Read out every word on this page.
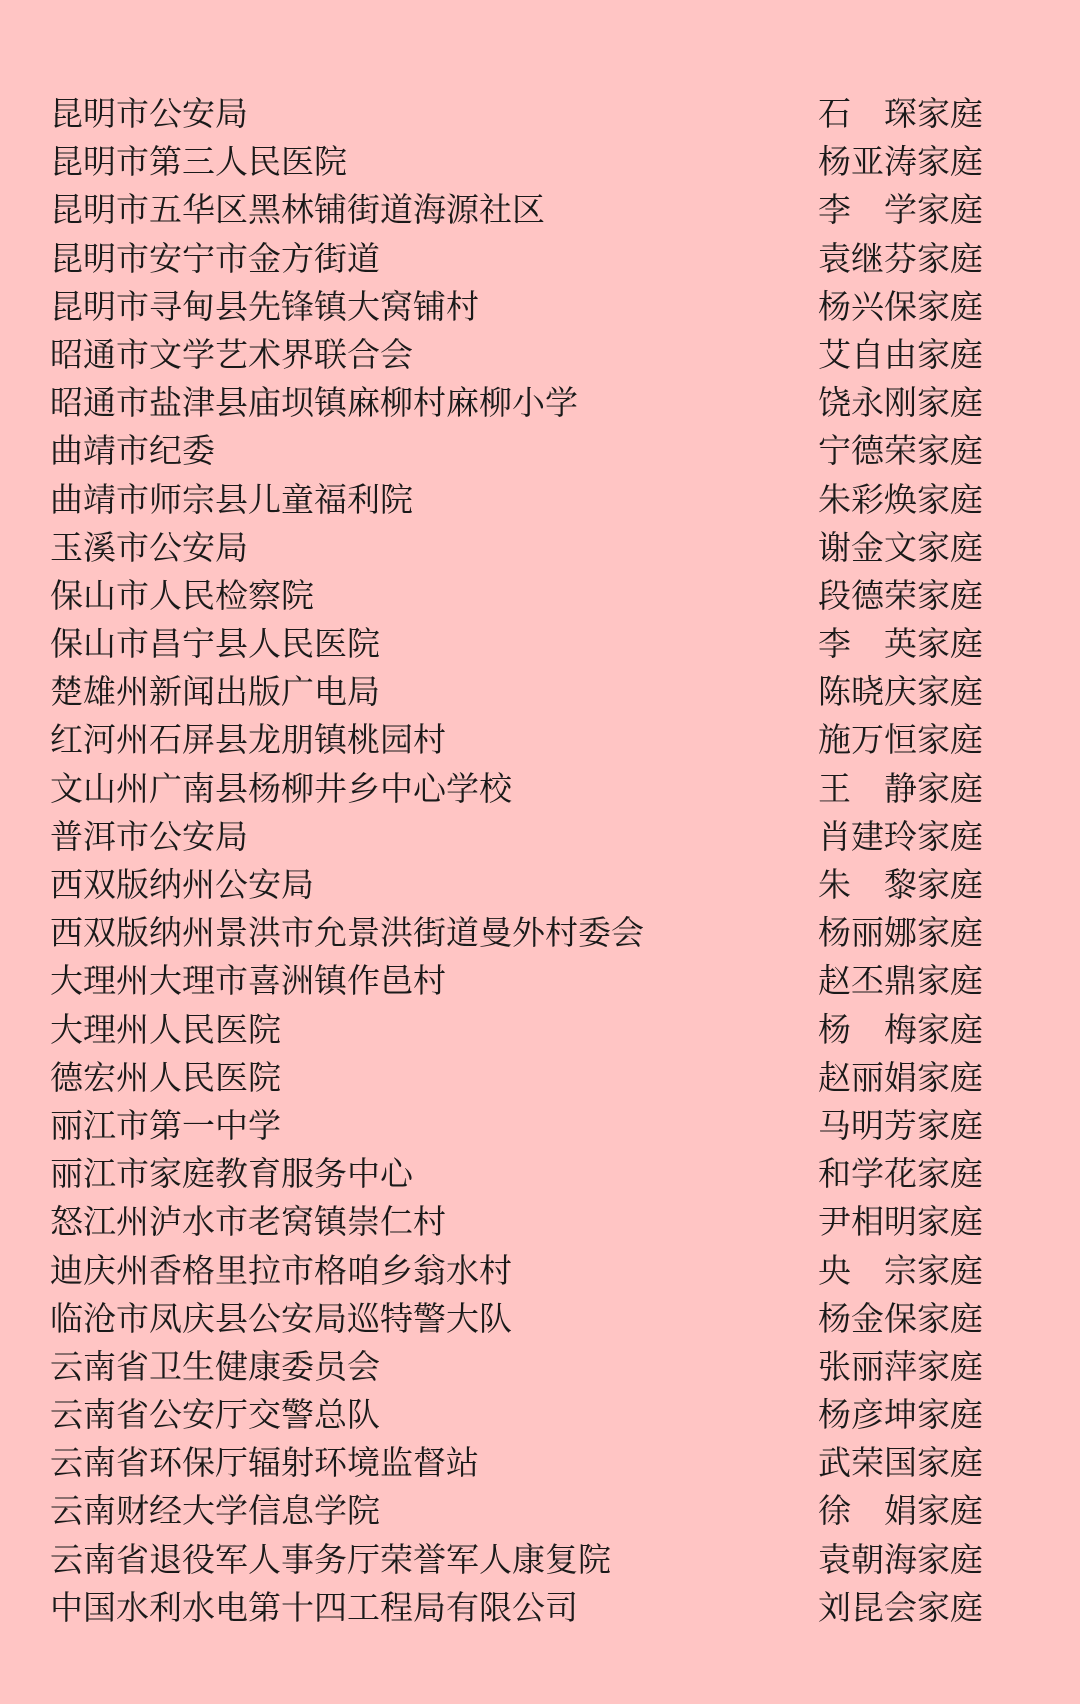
昆明市公安局	石　琛家庭
昆明市第三人民医院	杨亚涛家庭
昆明市五华区黑林铺街道海源社区	李　学家庭
昆明市安宁市金方街道	袁继芬家庭
昆明市寻甸县先锋镇大窝铺村	杨兴保家庭
昭通市文学艺术界联合会	艾自由家庭
昭通市盐津县庙坝镇麻柳村麻柳小学	饶永刚家庭
曲靖市纪委	宁德荣家庭
曲靖市师宗县儿童福利院	朱彩焕家庭
玉溪市公安局	谢金文家庭
保山市人民检察院	段德荣家庭
保山市昌宁县人民医院	李　英家庭
楚雄州新闻出版广电局	陈晓庆家庭
红河州石屏县龙朋镇桃园村	施万恒家庭
文山州广南县杨柳井乡中心学校	王　静家庭
普洱市公安局	肖建玲家庭
西双版纳州公安局	朱　黎家庭
西双版纳州景洪市允景洪街道曼外村委会	杨丽娜家庭
大理州大理市喜洲镇作邑村	赵丕鼎家庭
大理州人民医院	杨　梅家庭
德宏州人民医院	赵丽娟家庭
丽江市第一中学	马明芳家庭
丽江市家庭教育服务中心	和学花家庭
怒江州泸水市老窝镇崇仁村	尹相明家庭
迪庆州香格里拉市格咱乡翁水村	央　宗家庭
临沧市凤庆县公安局巡特警大队	杨金保家庭
云南省卫生健康委员会	张丽萍家庭
云南省公安厅交警总队	杨彦坤家庭
云南省环保厅辐射环境监督站	武荣国家庭
云南财经大学信息学院	徐　娟家庭
云南省退役军人事务厅荣誉军人康复院	袁朝海家庭
中国水利水电第十四工程局有限公司	刘昆会家庭
